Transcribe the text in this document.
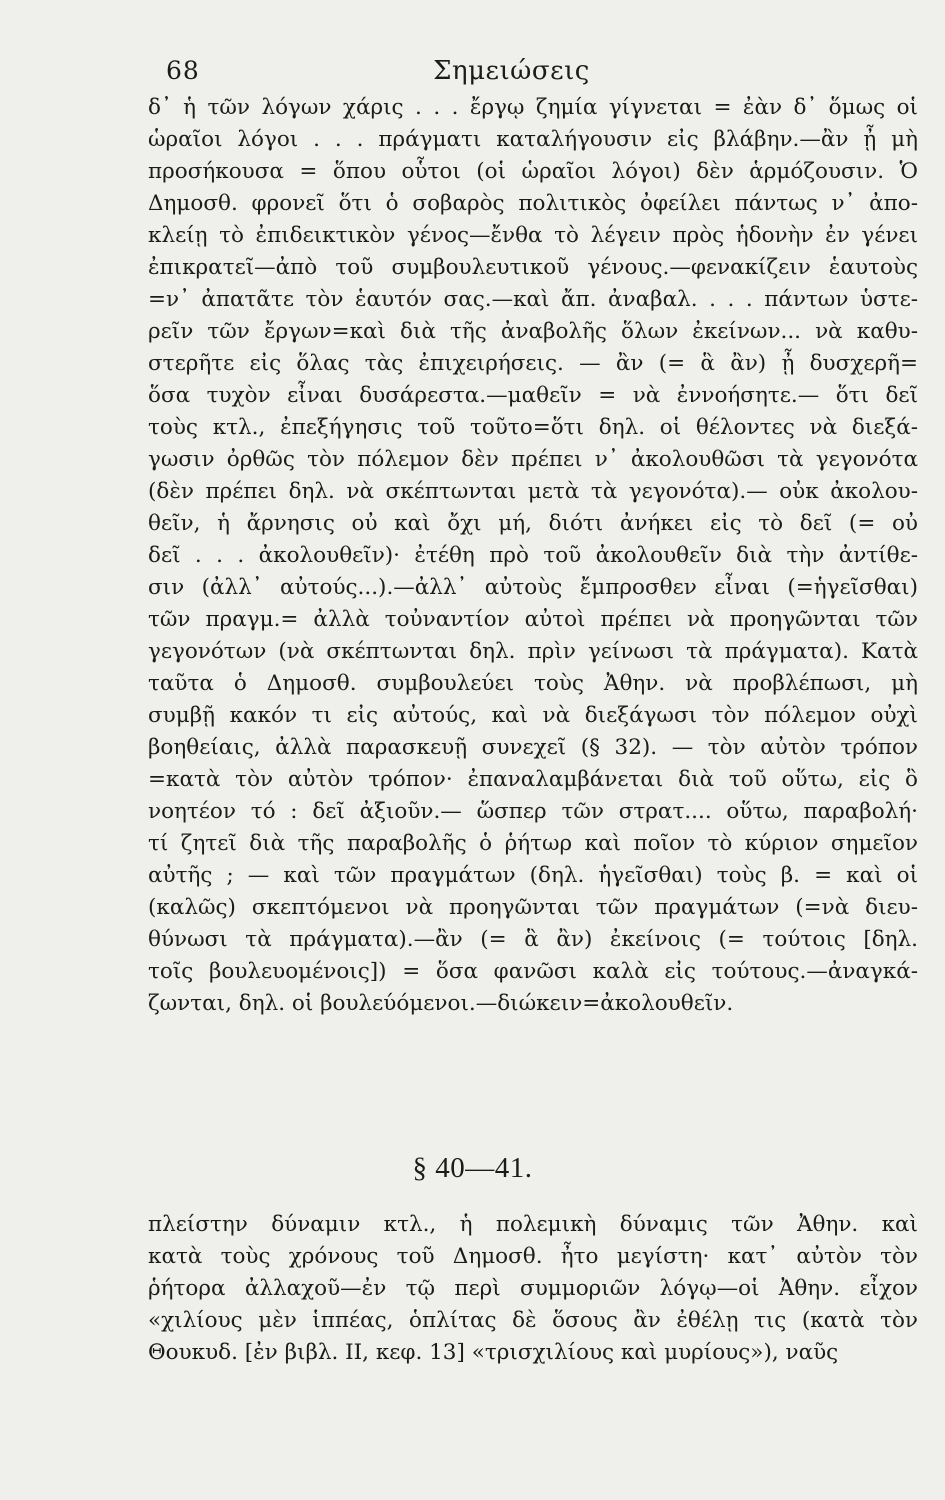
68	Σημειώσεις
δ᾽ ἡ τῶν λόγων χάρις . . . ἔργῳ ζημία γίγνεται = ἐὰν δ᾽ ὅμως οἱ
ὡραῖοι λόγοι . . . πράγματι καταλήγουσιν εἰς βλάβην.—ἂν ᾖ μὴ
προσήκουσα = ὅπου οὗτοι (οἱ ὡραῖοι λόγοι) δὲν ἁρμόζουσιν. Ὁ
Δημοσθ. φρονεῖ ὅτι ὁ σοβαρὸς πολιτικὸς ὀφείλει πάντως ν᾽ ἀπο-
κλείῃ τὸ ἐπιδεικτικὸν γένος—ἔνθα τὸ λέγειν πρὸς ἡδονὴν ἐν γένει
ἐπικρατεῖ—ἀπὸ τοῦ συμβουλευτικοῦ γένους.—φενακίζειν ἑαυτοὺς
=ν᾽ ἀπατᾶτε τὸν ἑαυτόν σας.—καὶ ἄπ. ἀναβαλ. . . . πάντων ὑστε-
ρεῖν τῶν ἔργων=καὶ διὰ τῆς ἀναβολῆς ὅλων ἐκείνων... νὰ καθυ-
στερῆτε εἰς ὅλας τὰς ἐπιχειρήσεις. — ἂν (= ἃ ἂν) ᾖ δυσχερῆ=
ὅσα τυχὸν εἶναι δυσάρεστα.—μαθεῖν = νὰ ἐννοήσητε.— ὅτι δεῖ
τοὺς κτλ., ἐπεξήγησις τοῦ τοῦτο=ὅτι δηλ. οἱ θέλοντες νὰ διεξά-
γωσιν ὀρθῶς τὸν πόλεμον δὲν πρέπει ν᾽ ἀκολουθῶσι τὰ γεγονότα
(δὲν πρέπει δηλ. νὰ σκέπτωνται μετὰ τὰ γεγονότα).— οὐκ ἀκολου-
θεῖν, ἡ ἄρνησις οὐ καὶ ὄχι μή, διότι ἀνήκει εἰς τὸ δεῖ (= οὐ
δεῖ . . . ἀκολουθεῖν)· ἐτέθη πρὸ τοῦ ἀκολουθεῖν διὰ τὴν ἀντίθε-
σιν (ἀλλ᾽ αὐτούς...).—ἀλλ᾽ αὐτοὺς ἔμπροσθεν εἶναι (=ἡγεῖσθαι)
τῶν πραγμ.= ἀλλὰ τοὐναντίον αὐτοὶ πρέπει νὰ προηγῶνται τῶν
γεγονότων (νὰ σκέπτωνται δηλ. πρὶν γείνωσι τὰ πράγματα). Κατὰ
ταῦτα ὁ Δημοσθ. συμβουλεύει τοὺς Ἀθην. νὰ προβλέπωσι, μὴ
συμβῇ κακόν τι εἰς αὐτούς, καὶ νὰ διεξάγωσι τὸν πόλεμον οὐχὶ
βοηθείαις, ἀλλὰ παρασκευῇ συνεχεῖ (§ 32). — τὸν αὐτὸν τρόπον
=κατὰ τὸν αὐτὸν τρόπον· ἐπαναλαμβάνεται διὰ τοῦ οὕτω, εἰς ὃ
νοητέον τό : δεῖ ἀξιοῦν.— ὥσπερ τῶν στρατ.... οὕτω, παραβολή·
τί ζητεῖ διὰ τῆς παραβολῆς ὁ ῥήτωρ καὶ ποῖον τὸ κύριον σημεῖον
αὐτῆς ; — καὶ τῶν πραγμάτων (δηλ. ἡγεῖσθαι) τοὺς β. = καὶ οἱ
(καλῶς) σκεπτόμενοι νὰ προηγῶνται τῶν πραγμάτων (=νὰ διευ-
θύνωσι τὰ πράγματα).—ἂν (= ἃ ἂν) ἐκείνοις (= τούτοις [δηλ.
τοῖς βουλευομένοις]) = ὅσα φανῶσι καλὰ εἰς τούτους.—ἀναγκά-
ζωνται, δηλ. οἱ βουλεύόμενοι.—διώκειν=ἀκολουθεῖν.
§ 40—41.
πλείστην δύναμιν κτλ., ἡ πολεμικὴ δύναμις τῶν Ἀθην. καὶ
κατὰ τοὺς χρόνους τοῦ Δημοσθ. ἦτο μεγίστη· κατ᾽ αὐτὸν τὸν
ῥήτορα ἀλλαχοῦ—ἐν τῷ περὶ συμμοριῶν λόγῳ—οἱ Ἀθην. εἶχον
«χιλίους μὲν ἱππέας, ὁπλίτας δὲ ὅσους ἂν ἐθέλῃ τις (κατὰ τὸν
Θουκυδ. [ἐν βιβλ. II, κεφ. 13] «τρισχιλίους καὶ μυρίους»), ναῦς
